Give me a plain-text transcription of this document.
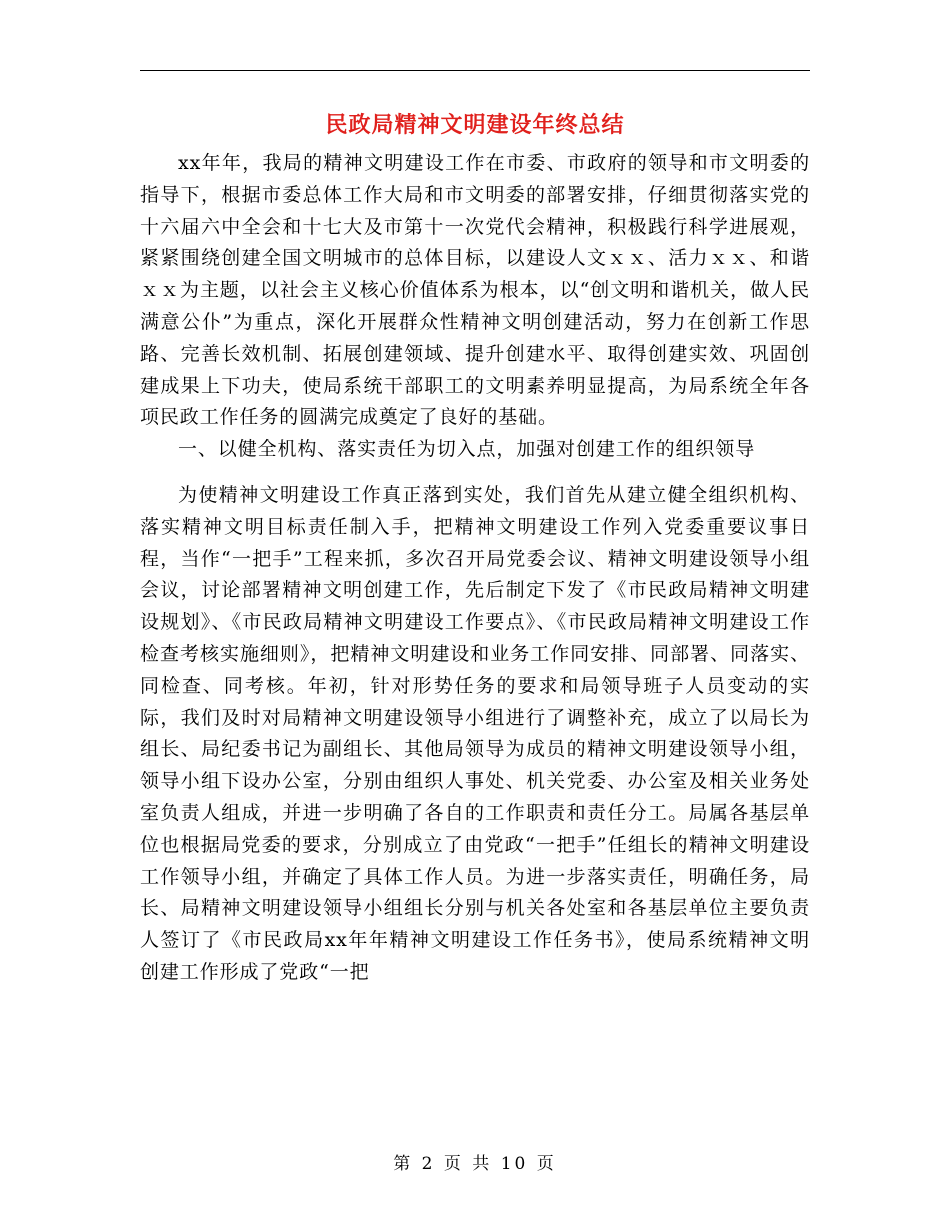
民政局精神文明建设年终总结

xx年年，我局的精神文明建设工作在市委、市政府的领导和市文明委的指导下，根据市委总体工作大局和市文明委的部署安排，仔细贯彻落实党的十六届六中全会和十七大及市第十一次党代会精神，积极践行科学进展观，紧紧围绕创建全国文明城市的总体目标，以建设人文ｘｘ、活力ｘｘ、和谐ｘｘ为主题，以社会主义核心价值体系为根本，以“创文明和谐机关，做人民满意公仆”为重点，深化开展群众性精神文明创建活动，努力在创新工作思路、完善长效机制、拓展创建领域、提升创建水平、取得创建实效、巩固创建成果上下功夫，使局系统干部职工的文明素养明显提高，为局系统全年各项民政工作任务的圆满完成奠定了良好的基础。

一、以健全机构、落实责任为切入点，加强对创建工作的组织领导

为使精神文明建设工作真正落到实处，我们首先从建立健全组织机构、落实精神文明目标责任制入手，把精神文明建设工作列入党委重要议事日程，当作“一把手”工程来抓，多次召开局党委会议、精神文明建设领导小组会议，讨论部署精神文明创建工作，先后制定下发了《市民政局精神文明建设规划》、《市民政局精神文明建设工作要点》、《市民政局精神文明建设工作检查考核实施细则》，把精神文明建设和业务工作同安排、同部署、同落实、同检查、同考核。年初，针对形势任务的要求和局领导班子人员变动的实际，我们及时对局精神文明建设领导小组进行了调整补充，成立了以局长为组长、局纪委书记为副组长、其他局领导为成员的精神文明建设领导小组，领导小组下设办公室，分别由组织人事处、机关党委、办公室及相关业务处室负责人组成，并进一步明确了各自的工作职责和责任分工。局属各基层单位也根据局党委的要求，分别成立了由党政“一把手”任组长的精神文明建设工作领导小组，并确定了具体工作人员。为进一步落实责任，明确任务，局长、局精神文明建设领导小组组长分别与机关各处室和各基层单位主要负责人签订了《市民政局xx年年精神文明建设工作任务书》，使局系统精神文明创建工作形成了党政“一把

第 2 页 共 10 页
